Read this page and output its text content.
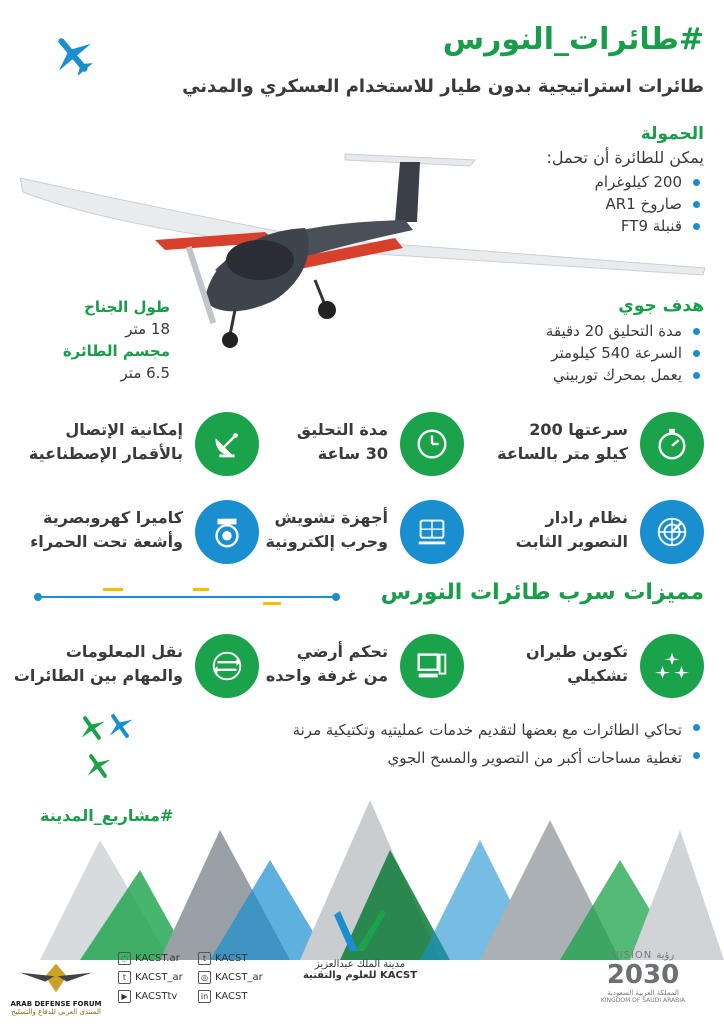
#طائرات_النورس
طائرات استراتيجية بدون طيار للاستخدام العسكري والمدني
الحمولة
يمكن للطائرة أن تحمل:
200 كيلوغرام
صاروخ AR1
قنبلة FT9
طول الجناح
18 متر
مجسم الطائرة
6.5 متر
هدف جوي
مدة التحليق 20 دقيقة
السرعة 540 كيلومتر
يعمل بمحرك توربيني
سرعتها 200
كيلو متر بالساعة
مدة التحليق
30 ساعة
إمكانية الإتصال
بالأقمار الإصطناعية
نظام رادار
التصوير الثابت
أجهزة تشويش
وحرب إلكترونية
كاميرا كهروبصرية
وأشعة تحت الحمراء
مميزات سرب طائرات النورس
تكوين طيران
تشكيلي
تحكم أرضي
من غرفة واحده
نقل المعلومات
والمهام بين الطائرات
تحاكي الطائرات مع بعضها لتقديم خدمات عمليتيه وتكتيكية مرنة
تغطية مساحات أكبر من التصوير والمسح الجوي
#مشاريع_المدينة
ARAB DEFENSE FORUM
المنتدى العربي للدفاع والتسليح
◌ KACST.ar	t KACST
t KACST_ar	◎ KACST_ar
▶ KACSTtv	in KACST
مدينة الملك عبدالعزيز
للعلوم والتقنية KACST
VISION رؤية
2030
المملكة العربية السعودية
KINGDOM OF SAUDI ARABIA
